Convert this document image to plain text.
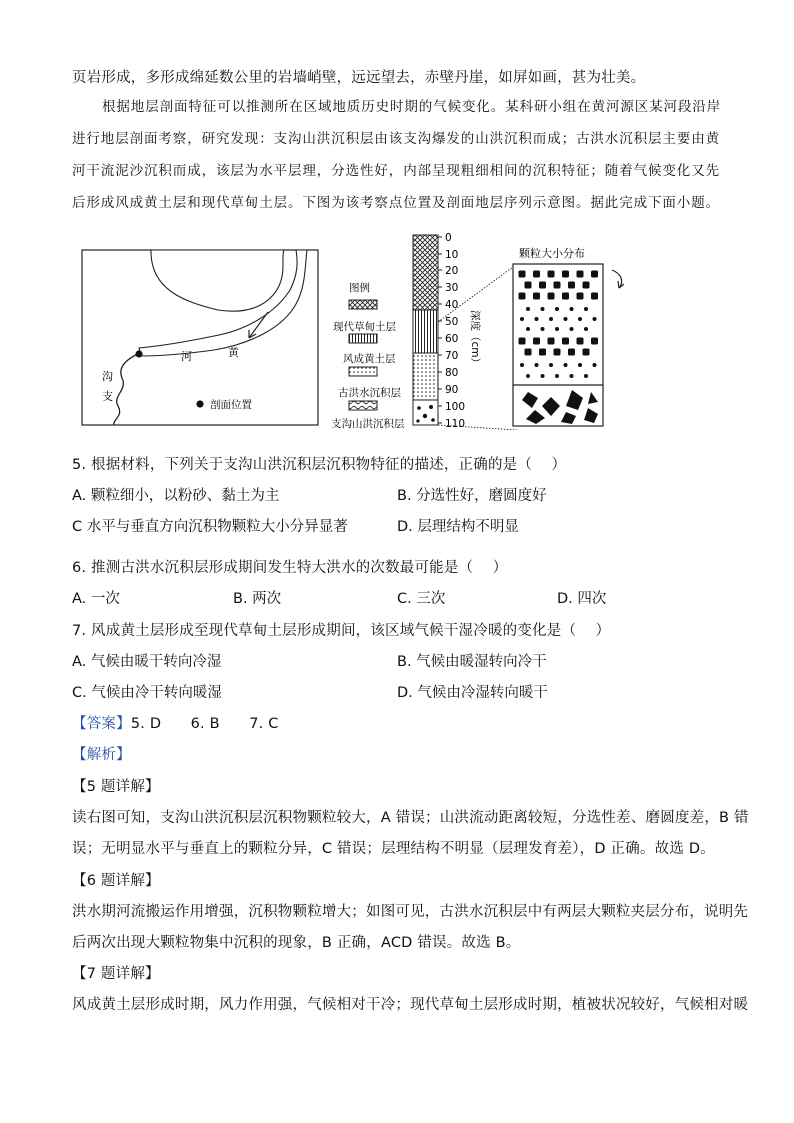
页岩形成，多形成绵延数公里的岩墙峭壁，远远望去，赤壁丹崖，如屏如画，甚为壮美。
根据地层剖面特征可以推测所在区域地质历史时期的气候变化。某科研小组在黄河源区某河段沿岸进行地层剖面考察，研究发现：支沟山洪沉积层由该支沟爆发的山洪沉积而成；古洪水沉积层主要由黄河干流泥沙沉积而成，该层为水平层理，分选性好，内部呈现粗细相间的沉积特征；随着气候变化又先后形成风成黄土层和现代草甸土层。下图为该考察点位置及剖面地层序列示意图。据此完成下面小题。
河	黄
沟
支
剖面位置
图例
现代草甸土层
风成黄土层
古洪水沉积层
支沟山洪沉积层
0
10
20
30
40
50
60
70
80
90
100
110
深度（cm）
颗粒大小分布
5. 根据材料，下列关于支沟山洪沉积层沉积物特征的描述，正确的是（　 ）
A. 颗粒细小，以粉砂、黏土为主	B. 分选性好，磨圆度好
C 水平与垂直方向沉积物颗粒大小分异显著	D. 层理结构不明显
6. 推测古洪水沉积层形成期间发生特大洪水的次数最可能是（　 ）
A. 一次	B. 两次	C. 三次	D. 四次
7. 风成黄土层形成至现代草甸土层形成期间，该区域气候干湿冷暖的变化是（　 ）
A. 气候由暖干转向冷湿	B. 气候由暖湿转向冷干
C. 气候由冷干转向暖湿	D. 气候由冷湿转向暖干
【答案】5. D　　6. B　　7. C
【解析】
【5 题详解】
读右图可知，支沟山洪沉积层沉积物颗粒较大，A 错误；山洪流动距离较短，分选性差、磨圆度差，B 错
误；无明显水平与垂直上的颗粒分异，C 错误；层理结构不明显（层理发育差），D 正确。故选 D。
【6 题详解】
洪水期河流搬运作用增强，沉积物颗粒增大；如图可见，古洪水沉积层中有两层大颗粒夹层分布，说明先
后两次出现大颗粒物集中沉积的现象，B 正确，ACD 错误。故选 B。
【7 题详解】
风成黄土层形成时期，风力作用强，气候相对干冷；现代草甸土层形成时期，植被状况较好，气候相对暖
